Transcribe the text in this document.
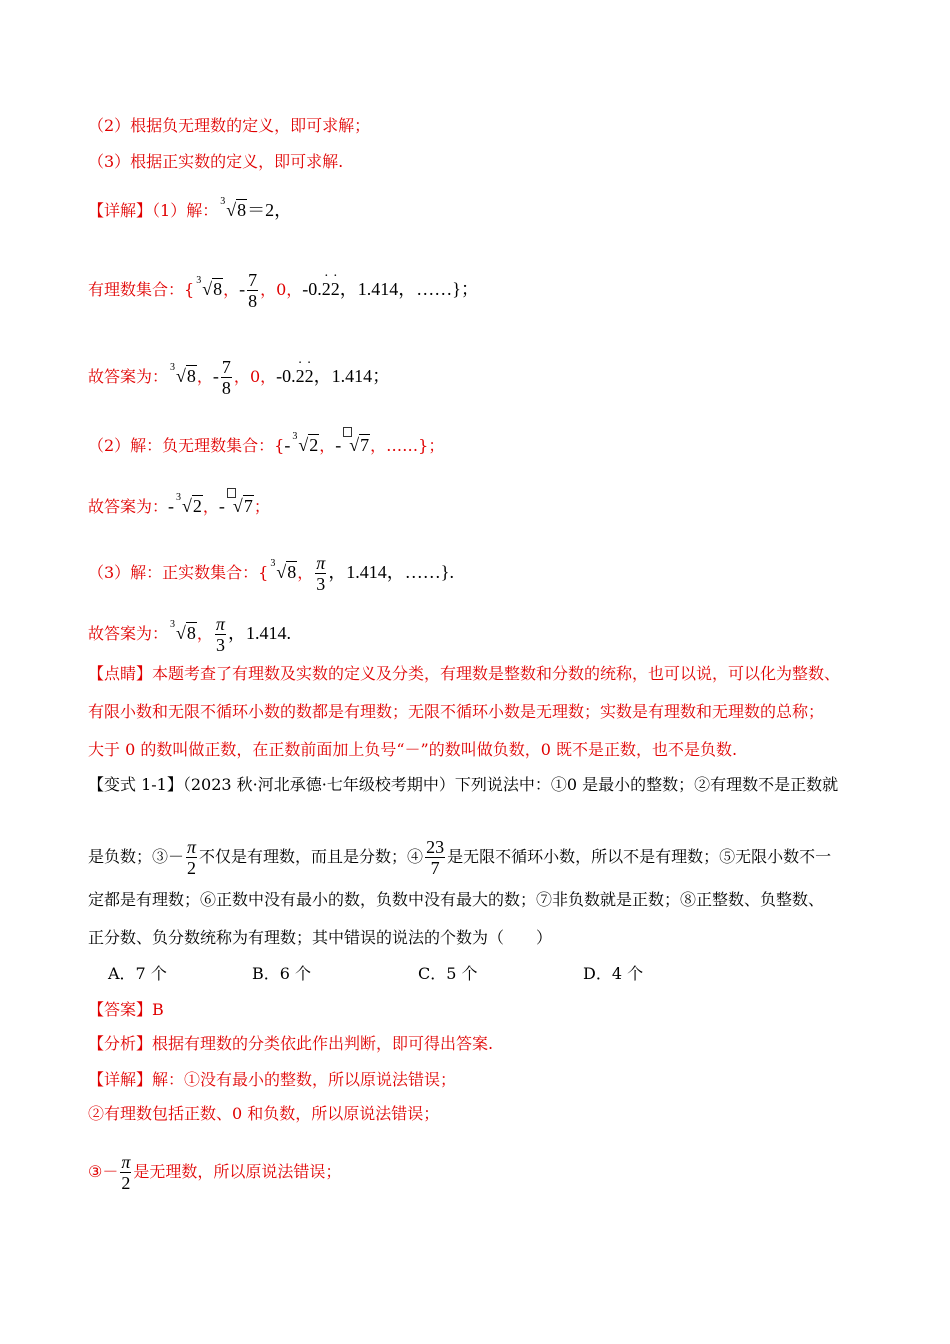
（2）根据负无理数的定义，即可求解；
（3）根据正实数的定义，即可求解.
【详解】（1）解： 3 √8＝2，
有理数集合：{ 3 √8，- $\frac{7}{8}$ ，0，-0.· 2· 2，1.414，……}；
故答案为： 3 √8，- $\frac{7}{8}$ ，0，-0.· 2· 2，1.414；
（2）解：负无理数集合：{- 3 √2，- √7，……}；
故答案为：- 3 √2，- √7；
（3）解：正实数集合：{ 3 √8， $\frac{\pi}{3}$ ，1.414，……}.
故答案为： 3 √8， $\frac{\pi}{3}$ ，1.414.
【点睛】本题考查了有理数及实数的定义及分类，有理数是整数和分数的统称，也可以说，可以化为整数、
有限小数和无限不循环小数的数都是有理数；无限不循环小数是无理数；实数是有理数和无理数的总称；
大于 0 的数叫做正数，在正数前面加上负号“－”的数叫做负数，0 既不是正数，也不是负数.
【变式 1-1】（2023 秋·河北承德·七年级校考期中）下列说法中：①0 是最小的整数；②有理数不是正数就
是负数；③－ $\frac{\pi}{2}$ 不仅是有理数，而且是分数；④ $\frac{23}{7}$ 是无限不循环小数，所以不是有理数；⑤无限小数不一
定都是有理数；⑥正数中没有最小的数，负数中没有最大的数；⑦非负数就是正数；⑧正整数、负整数、
正分数、负分数统称为有理数；其中错误的说法的个数为（　　）
A．7 个	B．6 个	C．5 个	D．4 个
【答案】B
【分析】根据有理数的分类依此作出判断，即可得出答案.
【详解】解：①没有最小的整数，所以原说法错误；
②有理数包括正数、0 和负数，所以原说法错误；
③－ $\frac{\pi}{2}$ 是无理数，所以原说法错误；
